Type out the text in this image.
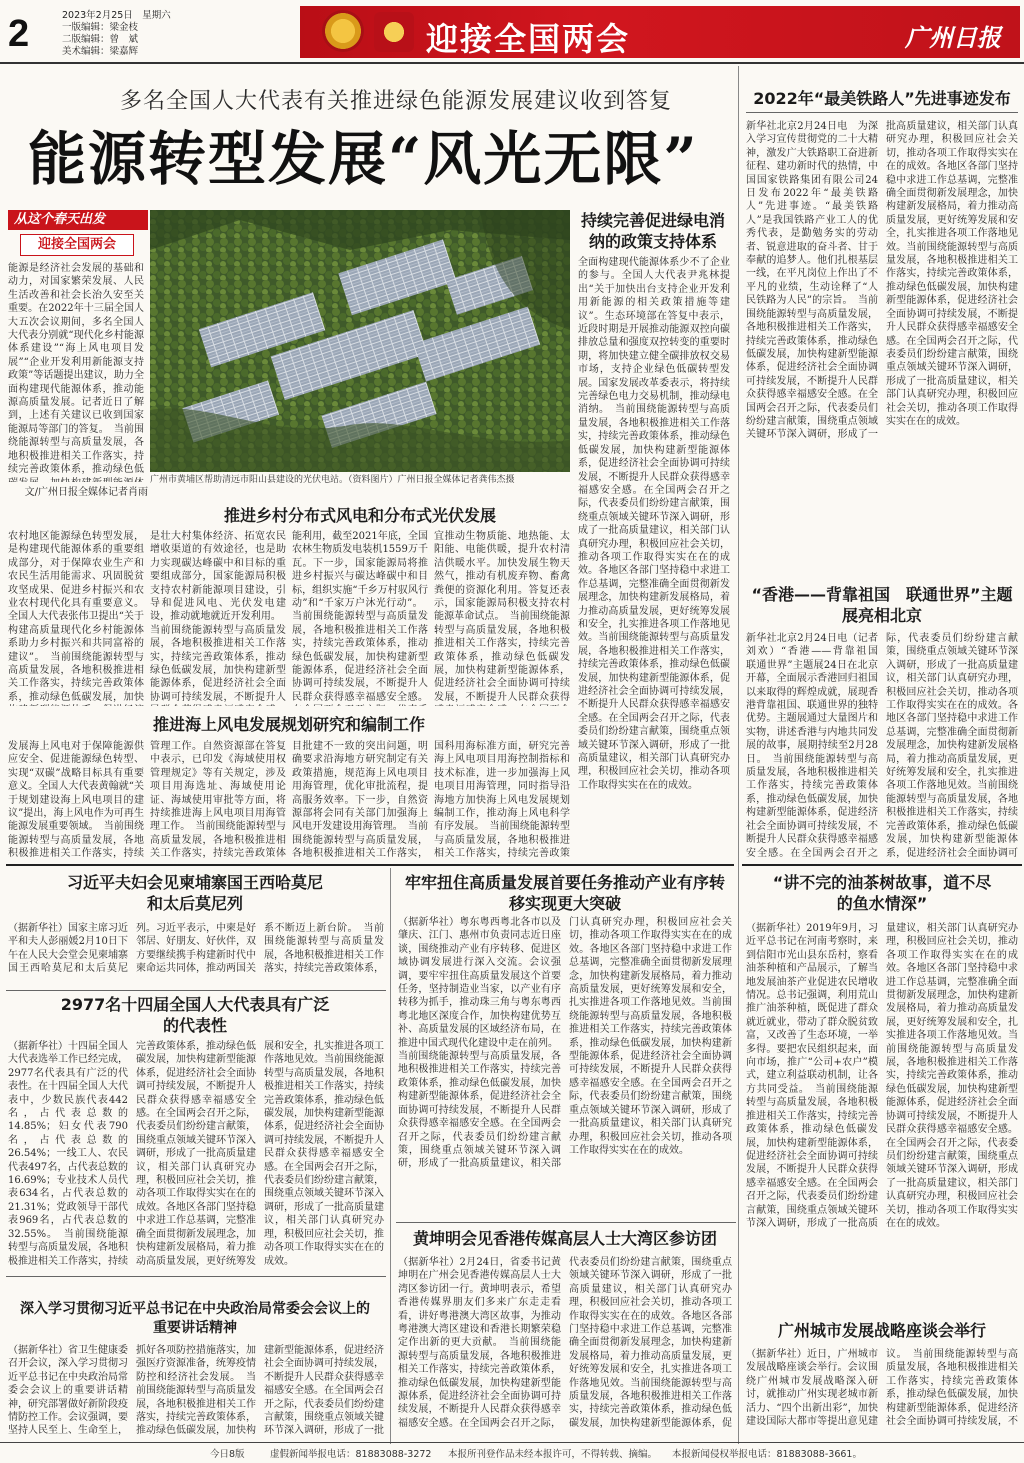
2	2023年2月25日　星期六
一版编辑：梁金枝
二版编辑：曾　斌
美术编辑：梁嘉辉	迎接全国两会	广州日报
多名全国人大代表有关推进绿色能源发展建议收到答复
能源转型发展“风光无限”
从这个春天出发
迎接全国两会
能源是经济社会发展的基础和动力，对国家繁荣发展、人民生活改善和社会长治久安至关重要。在2022年十三届全国人大五次会议期间，多名全国人大代表分别就“现代化乡村能源体系建设”“海上风电项目发展”“企业开发利用新能源支持政策”等话题提出建议，助力全面构建现代能源体系，推动能源高质量发展。记者近日了解到，上述有关建议已收到国家能源局等部门的答复。　当前围绕能源转型与高质量发展，各地积极推进相关工作落实，持续完善政策体系，推动绿色低碳发展，加快构建新型能源体系，促进经济社会全面协调可持续发展，不断提升人民群众获得感幸福感安全感。在全国两会召开之际，代表委员们纷纷建言献策，围绕重点领域关键环节深入调研，形成了一批高质量建议，相关部门认真研究办理，积极回应社会关切，推动各项工作取得实实在在的成效。各地区各部门坚持稳中求进工作总基调，完整准确全面贯彻新发展理念，加快构建新发展格局，着力推动高质量发展，更好统筹发展和安全，扎实推进各项工作落地见效。当前围绕能源转型与高质量发展，各地积极推进相关工作落实，持续完善政策体系，推动绿色低碳发展，加快构建新型能源体系，促进经济社会全面协调可持续发展，不断提升人民群众获得感幸福感安全感。在全国两会召开之际，代表委员们纷纷建言献策，围绕重点领域关键环节深入调研，形成了一批高质量建议，相关部门认真研究办理，积极回应社会关切，推动各项工作取得实实在在的成效。
文/广州日报全媒体记者肖雨
广州市黄埔区帮助清远市阳山县建设的光伏电站。（资料图片）广州日报全媒体记者龚伟杰摄
持续完善促进绿电消纳的政策支持体系
全面构建现代能源体系少不了企业的参与。全国人大代表尹兆林提出“关于加快出台支持企业开发利用新能源的相关政策措施等建议”。生态环境部在答复中表示，近段时期是开展推动能源双控向碳排放总量和强度双控转变的重要时期，将加快建立健全碳排放权交易市场，支持企业绿色低碳转型发展。国家发展改革委表示，将持续完善绿色电力交易机制，推动绿电消纳。　当前围绕能源转型与高质量发展，各地积极推进相关工作落实，持续完善政策体系，推动绿色低碳发展，加快构建新型能源体系，促进经济社会全面协调可持续发展，不断提升人民群众获得感幸福感安全感。在全国两会召开之际，代表委员们纷纷建言献策，围绕重点领域关键环节深入调研，形成了一批高质量建议，相关部门认真研究办理，积极回应社会关切，推动各项工作取得实实在在的成效。各地区各部门坚持稳中求进工作总基调，完整准确全面贯彻新发展理念，加快构建新发展格局，着力推动高质量发展，更好统筹发展和安全，扎实推进各项工作落地见效。当前围绕能源转型与高质量发展，各地积极推进相关工作落实，持续完善政策体系，推动绿色低碳发展，加快构建新型能源体系，促进经济社会全面协调可持续发展，不断提升人民群众获得感幸福感安全感。在全国两会召开之际，代表委员们纷纷建言献策，围绕重点领域关键环节深入调研，形成了一批高质量建议，相关部门认真研究办理，积极回应社会关切，推动各项工作取得实实在在的成效。
推进乡村分布式风电和分布式光伏发展
农村地区能源绿色转型发展，是构建现代能源体系的重要组成部分，对于保障农业生产和农民生活用能需求、巩固脱贫攻坚成果、促进乡村振兴和农业农村现代化具有重要意义。全国人大代表张伟卫提出“关于构建高质量现代化乡村能源体系助力乡村振兴和共同富裕的建议”。　当前围绕能源转型与高质量发展，各地积极推进相关工作落实，持续完善政策体系，推动绿色低碳发展，加快构建新型能源体系，促进经济社会全面协调可持续发展，不断提升人民群众获得感幸福感安全感。在全国两会召开之际，代表委员们纷纷建言献策，围绕重点领域关键环节深入调研，形成了一批高质量建议，相关部门认真研究办理，积极回应社会关切，推动各项工作取得实实在在的成效。各地区各部门坚持稳中求进工作总基调，完整准确全面贯彻新发展理念，加快构建新发展格局，着力推动高质量发展，更好统筹发展和安全，扎实推进各项工作落地见效。当前围绕能源转型与高质量发展，各地积极推进相关工作落实，持续完善政策体系，推动绿色低碳发展，加快构建新型能源体系，促进经济社会全面协调可持续发展，不断提升人民群众获得感幸福感安全感。在全国两会召开之际，代表委员们纷纷建言献策，围绕重点领域关键环节深入调研，形成了一批高质量建议，相关部门认真研究办理，积极回应社会关切，推动各项工作取得实实在在的成效。
是壮大村集体经济、拓宽农民增收渠道的有效途径，也是助力实现碳达峰碳中和目标的重要组成部分，国家能源局积极支持农村新能源项目建设，引导和促进风电、光伏发电建设，推动就地就近开发利用。　当前围绕能源转型与高质量发展，各地积极推进相关工作落实，持续完善政策体系，推动绿色低碳发展，加快构建新型能源体系，促进经济社会全面协调可持续发展，不断提升人民群众获得感幸福感安全感。在全国两会召开之际，代表委员们纷纷建言献策，围绕重点领域关键环节深入调研，形成了一批高质量建议，相关部门认真研究办理，积极回应社会关切，推动各项工作取得实实在在的成效。各地区各部门坚持稳中求进工作总基调，完整准确全面贯彻新发展理念，加快构建新发展格局，着力推动高质量发展，更好统筹发展和安全，扎实推进各项工作落地见效。当前围绕能源转型与高质量发展，各地积极推进相关工作落实，持续完善政策体系，推动绿色低碳发展，加快构建新型能源体系，促进经济社会全面协调可持续发展，不断提升人民群众获得感幸福感安全感。在全国两会召开之际，代表委员们纷纷建言献策，围绕重点领域关键环节深入调研，形成了一批高质量建议，相关部门认真研究办理，积极回应社会关切，推动各项工作取得实实在在的成效。
能利用，截至2021年底，全国农林生物质发电装机1559万千瓦。下一步，国家能源局将推进乡村振兴与碳达峰碳中和目标，组织实施“千乡万村驭风行动”和“千家万户沐光行动”。　当前围绕能源转型与高质量发展，各地积极推进相关工作落实，持续完善政策体系，推动绿色低碳发展，加快构建新型能源体系，促进经济社会全面协调可持续发展，不断提升人民群众获得感幸福感安全感。在全国两会召开之际，代表委员们纷纷建言献策，围绕重点领域关键环节深入调研，形成了一批高质量建议，相关部门认真研究办理，积极回应社会关切，推动各项工作取得实实在在的成效。各地区各部门坚持稳中求进工作总基调，完整准确全面贯彻新发展理念，加快构建新发展格局，着力推动高质量发展，更好统筹发展和安全，扎实推进各项工作落地见效。当前围绕能源转型与高质量发展，各地积极推进相关工作落实，持续完善政策体系，推动绿色低碳发展，加快构建新型能源体系，促进经济社会全面协调可持续发展，不断提升人民群众获得感幸福感安全感。在全国两会召开之际，代表委员们纷纷建言献策，围绕重点领域关键环节深入调研，形成了一批高质量建议，相关部门认真研究办理，积极回应社会关切，推动各项工作取得实实在在的成效。
宜推动生物质能、地热能、太阳能、电能供暖，提升农村清洁供暖水平。加快发展生物天然气，推动有机废弃物、畜禽粪便的资源化利用。答复还表示，国家能源局积极支持农村能源革命试点。　当前围绕能源转型与高质量发展，各地积极推进相关工作落实，持续完善政策体系，推动绿色低碳发展，加快构建新型能源体系，促进经济社会全面协调可持续发展，不断提升人民群众获得感幸福感安全感。在全国两会召开之际，代表委员们纷纷建言献策，围绕重点领域关键环节深入调研，形成了一批高质量建议，相关部门认真研究办理，积极回应社会关切，推动各项工作取得实实在在的成效。各地区各部门坚持稳中求进工作总基调，完整准确全面贯彻新发展理念，加快构建新发展格局，着力推动高质量发展，更好统筹发展和安全，扎实推进各项工作落地见效。当前围绕能源转型与高质量发展，各地积极推进相关工作落实，持续完善政策体系，推动绿色低碳发展，加快构建新型能源体系，促进经济社会全面协调可持续发展，不断提升人民群众获得感幸福感安全感。在全国两会召开之际，代表委员们纷纷建言献策，围绕重点领域关键环节深入调研，形成了一批高质量建议，相关部门认真研究办理，积极回应社会关切，推动各项工作取得实实在在的成效。
推进海上风电发展规划研究和编制工作
发展海上风电对于保障能源供应安全、促进能源绿色转型、实现“双碳”战略目标具有重要意义。全国人大代表黄翰就“关于规划建设海上风电项目的建议”提出，海上风电作为可再生能源发展重要领域。　当前围绕能源转型与高质量发展，各地积极推进相关工作落实，持续完善政策体系，推动绿色低碳发展，加快构建新型能源体系，促进经济社会全面协调可持续发展，不断提升人民群众获得感幸福感安全感。在全国两会召开之际，代表委员们纷纷建言献策，围绕重点领域关键环节深入调研，形成了一批高质量建议，相关部门认真研究办理，积极回应社会关切，推动各项工作取得实实在在的成效。各地区各部门坚持稳中求进工作总基调，完整准确全面贯彻新发展理念，加快构建新发展格局，着力推动高质量发展，更好统筹发展和安全，扎实推进各项工作落地见效。当前围绕能源转型与高质量发展，各地积极推进相关工作落实，持续完善政策体系，推动绿色低碳发展，加快构建新型能源体系，促进经济社会全面协调可持续发展，不断提升人民群众获得感幸福感安全感。在全国两会召开之际，代表委员们纷纷建言献策，围绕重点领域关键环节深入调研，形成了一批高质量建议，相关部门认真研究办理，积极回应社会关切，推动各项工作取得实实在在的成效。
管理工作。自然资源部在答复中表示，已印发《海域使用权管理规定》等有关规定，涉及项目用海选址、海域使用论证、海域使用审批等方面，将持续推进海上风电项目用海管理工作。　当前围绕能源转型与高质量发展，各地积极推进相关工作落实，持续完善政策体系，推动绿色低碳发展，加快构建新型能源体系，促进经济社会全面协调可持续发展，不断提升人民群众获得感幸福感安全感。在全国两会召开之际，代表委员们纷纷建言献策，围绕重点领域关键环节深入调研，形成了一批高质量建议，相关部门认真研究办理，积极回应社会关切，推动各项工作取得实实在在的成效。各地区各部门坚持稳中求进工作总基调，完整准确全面贯彻新发展理念，加快构建新发展格局，着力推动高质量发展，更好统筹发展和安全，扎实推进各项工作落地见效。当前围绕能源转型与高质量发展，各地积极推进相关工作落实，持续完善政策体系，推动绿色低碳发展，加快构建新型能源体系，促进经济社会全面协调可持续发展，不断提升人民群众获得感幸福感安全感。在全国两会召开之际，代表委员们纷纷建言献策，围绕重点领域关键环节深入调研，形成了一批高质量建议，相关部门认真研究办理，积极回应社会关切，推动各项工作取得实实在在的成效。
目批建不一致的突出问题，明确要求沿海地方研究制定有关政策措施，规范海上风电项目用海管理，优化审批流程，提高服务效率。下一步，自然资源部将会同有关部门加强海上风电开发建设用海管理。　当前围绕能源转型与高质量发展，各地积极推进相关工作落实，持续完善政策体系，推动绿色低碳发展，加快构建新型能源体系，促进经济社会全面协调可持续发展，不断提升人民群众获得感幸福感安全感。在全国两会召开之际，代表委员们纷纷建言献策，围绕重点领域关键环节深入调研，形成了一批高质量建议，相关部门认真研究办理，积极回应社会关切，推动各项工作取得实实在在的成效。各地区各部门坚持稳中求进工作总基调，完整准确全面贯彻新发展理念，加快构建新发展格局，着力推动高质量发展，更好统筹发展和安全，扎实推进各项工作落地见效。当前围绕能源转型与高质量发展，各地积极推进相关工作落实，持续完善政策体系，推动绿色低碳发展，加快构建新型能源体系，促进经济社会全面协调可持续发展，不断提升人民群众获得感幸福感安全感。在全国两会召开之际，代表委员们纷纷建言献策，围绕重点领域关键环节深入调研，形成了一批高质量建议，相关部门认真研究办理，积极回应社会关切，推动各项工作取得实实在在的成效。
国科用海标准方面，研究完善海上风电项目用海控制指标和技术标准，进一步加强海上风电项目用海管理，同时指导沿海地方加快海上风电发展规划编制工作，推动海上风电科学有序发展。　当前围绕能源转型与高质量发展，各地积极推进相关工作落实，持续完善政策体系，推动绿色低碳发展，加快构建新型能源体系，促进经济社会全面协调可持续发展，不断提升人民群众获得感幸福感安全感。在全国两会召开之际，代表委员们纷纷建言献策，围绕重点领域关键环节深入调研，形成了一批高质量建议，相关部门认真研究办理，积极回应社会关切，推动各项工作取得实实在在的成效。各地区各部门坚持稳中求进工作总基调，完整准确全面贯彻新发展理念，加快构建新发展格局，着力推动高质量发展，更好统筹发展和安全，扎实推进各项工作落地见效。当前围绕能源转型与高质量发展，各地积极推进相关工作落实，持续完善政策体系，推动绿色低碳发展，加快构建新型能源体系，促进经济社会全面协调可持续发展，不断提升人民群众获得感幸福感安全感。在全国两会召开之际，代表委员们纷纷建言献策，围绕重点领域关键环节深入调研，形成了一批高质量建议，相关部门认真研究办理，积极回应社会关切，推动各项工作取得实实在在的成效。
2022年“最美铁路人”先进事迹发布
新华社北京2月24日电　为深入学习宣传贯彻党的二十大精神，激发广大铁路职工奋进新征程、建功新时代的热情，中国国家铁路集团有限公司24日发布2022年“最美铁路人”先进事迹。“最美铁路人”是我国铁路产业工人的优秀代表，是勤勉务实的劳动者、锐意进取的奋斗者、甘于奉献的追梦人。他们扎根基层一线，在平凡岗位上作出了不平凡的业绩，生动诠释了“人民铁路为人民”的宗旨。　当前围绕能源转型与高质量发展，各地积极推进相关工作落实，持续完善政策体系，推动绿色低碳发展，加快构建新型能源体系，促进经济社会全面协调可持续发展，不断提升人民群众获得感幸福感安全感。在全国两会召开之际，代表委员们纷纷建言献策，围绕重点领域关键环节深入调研，形成了一批高质量建议，相关部门认真研究办理，积极回应社会关切，推动各项工作取得实实在在的成效。各地区各部门坚持稳中求进工作总基调，完整准确全面贯彻新发展理念，加快构建新发展格局，着力推动高质量发展，更好统筹发展和安全，扎实推进各项工作落地见效。当前围绕能源转型与高质量发展，各地积极推进相关工作落实，持续完善政策体系，推动绿色低碳发展，加快构建新型能源体系，促进经济社会全面协调可持续发展，不断提升人民群众获得感幸福感安全感。在全国两会召开之际，代表委员们纷纷建言献策，围绕重点领域关键环节深入调研，形成了一批高质量建议，相关部门认真研究办理，积极回应社会关切，推动各项工作取得实实在在的成效。
“香港——背靠祖国　联通世界”主题展亮相北京
新华社北京2月24日电（记者刘欢）“香港——背靠祖国　联通世界”主题展24日在北京开幕，全面展示香港回归祖国以来取得的辉煌成就，展现香港背靠祖国、联通世界的独特优势。主题展通过大量图片和实物，讲述香港与内地共同发展的故事，展期持续至2月28日。　当前围绕能源转型与高质量发展，各地积极推进相关工作落实，持续完善政策体系，推动绿色低碳发展，加快构建新型能源体系，促进经济社会全面协调可持续发展，不断提升人民群众获得感幸福感安全感。在全国两会召开之际，代表委员们纷纷建言献策，围绕重点领域关键环节深入调研，形成了一批高质量建议，相关部门认真研究办理，积极回应社会关切，推动各项工作取得实实在在的成效。各地区各部门坚持稳中求进工作总基调，完整准确全面贯彻新发展理念，加快构建新发展格局，着力推动高质量发展，更好统筹发展和安全，扎实推进各项工作落地见效。当前围绕能源转型与高质量发展，各地积极推进相关工作落实，持续完善政策体系，推动绿色低碳发展，加快构建新型能源体系，促进经济社会全面协调可持续发展，不断提升人民群众获得感幸福感安全感。在全国两会召开之际，代表委员们纷纷建言献策，围绕重点领域关键环节深入调研，形成了一批高质量建议，相关部门认真研究办理，积极回应社会关切，推动各项工作取得实实在在的成效。
“讲不完的油茶树故事，道不尽的鱼水情深”
（据新华社）2019年9月，习近平总书记在河南考察时，来到信阳市光山县东岳村，察看油茶种植和产品展示，了解当地发展油茶产业促进农民增收情况。总书记强调，利用荒山推广油茶种植，既促进了群众就近就业，带动了群众脱贫致富，又改善了生态环境，一举多得。要把农民组织起来，面向市场，推广“公司+农户”模式，建立利益联动机制，让各方共同受益。　当前围绕能源转型与高质量发展，各地积极推进相关工作落实，持续完善政策体系，推动绿色低碳发展，加快构建新型能源体系，促进经济社会全面协调可持续发展，不断提升人民群众获得感幸福感安全感。在全国两会召开之际，代表委员们纷纷建言献策，围绕重点领域关键环节深入调研，形成了一批高质量建议，相关部门认真研究办理，积极回应社会关切，推动各项工作取得实实在在的成效。各地区各部门坚持稳中求进工作总基调，完整准确全面贯彻新发展理念，加快构建新发展格局，着力推动高质量发展，更好统筹发展和安全，扎实推进各项工作落地见效。当前围绕能源转型与高质量发展，各地积极推进相关工作落实，持续完善政策体系，推动绿色低碳发展，加快构建新型能源体系，促进经济社会全面协调可持续发展，不断提升人民群众获得感幸福感安全感。在全国两会召开之际，代表委员们纷纷建言献策，围绕重点领域关键环节深入调研，形成了一批高质量建议，相关部门认真研究办理，积极回应社会关切，推动各项工作取得实实在在的成效。
广州城市发展战略座谈会举行
（据新华社）近日，广州城市发展战略座谈会举行。会议围绕广州城市发展战略深入研讨，就推动广州实现老城市新活力、“四个出新出彩”，加快建设国际大都市等提出意见建议。　当前围绕能源转型与高质量发展，各地积极推进相关工作落实，持续完善政策体系，推动绿色低碳发展，加快构建新型能源体系，促进经济社会全面协调可持续发展，不断提升人民群众获得感幸福感安全感。在全国两会召开之际，代表委员们纷纷建言献策，围绕重点领域关键环节深入调研，形成了一批高质量建议，相关部门认真研究办理，积极回应社会关切，推动各项工作取得实实在在的成效。各地区各部门坚持稳中求进工作总基调，完整准确全面贯彻新发展理念，加快构建新发展格局，着力推动高质量发展，更好统筹发展和安全，扎实推进各项工作落地见效。当前围绕能源转型与高质量发展，各地积极推进相关工作落实，持续完善政策体系，推动绿色低碳发展，加快构建新型能源体系，促进经济社会全面协调可持续发展，不断提升人民群众获得感幸福感安全感。在全国两会召开之际，代表委员们纷纷建言献策，围绕重点领域关键环节深入调研，形成了一批高质量建议，相关部门认真研究办理，积极回应社会关切，推动各项工作取得实实在在的成效。
习近平夫妇会见柬埔寨国王西哈莫尼和太后莫尼列
（据新华社）国家主席习近平和夫人彭丽媛2月10日下午在人民大会堂会见柬埔寨国王西哈莫尼和太后莫尼列。习近平表示，中柬是好邻居、好朋友、好伙伴，双方要继续携手构建新时代中柬命运共同体，推动两国关系不断迈上新台阶。　当前围绕能源转型与高质量发展，各地积极推进相关工作落实，持续完善政策体系，推动绿色低碳发展，加快构建新型能源体系，促进经济社会全面协调可持续发展，不断提升人民群众获得感幸福感安全感。在全国两会召开之际，代表委员们纷纷建言献策，围绕重点领域关键环节深入调研，形成了一批高质量建议，相关部门认真研究办理，积极回应社会关切，推动各项工作取得实实在在的成效。各地区各部门坚持稳中求进工作总基调，完整准确全面贯彻新发展理念，加快构建新发展格局，着力推动高质量发展，更好统筹发展和安全，扎实推进各项工作落地见效。当前围绕能源转型与高质量发展，各地积极推进相关工作落实，持续完善政策体系，推动绿色低碳发展，加快构建新型能源体系，促进经济社会全面协调可持续发展，不断提升人民群众获得感幸福感安全感。在全国两会召开之际，代表委员们纷纷建言献策，围绕重点领域关键环节深入调研，形成了一批高质量建议，相关部门认真研究办理，积极回应社会关切，推动各项工作取得实实在在的成效。
2977名十四届全国人大代表具有广泛的代表性
（据新华社）十四届全国人大代表选举工作已经完成，2977名代表具有广泛的代表性。在十四届全国人大代表中，少数民族代表442名，占代表总数的14.85%；妇女代表790名，占代表总数的26.54%；一线工人、农民代表497名，占代表总数的16.69%；专业技术人员代表634名，占代表总数的21.31%；党政领导干部代表969名，占代表总数的32.55%。　当前围绕能源转型与高质量发展，各地积极推进相关工作落实，持续完善政策体系，推动绿色低碳发展，加快构建新型能源体系，促进经济社会全面协调可持续发展，不断提升人民群众获得感幸福感安全感。在全国两会召开之际，代表委员们纷纷建言献策，围绕重点领域关键环节深入调研，形成了一批高质量建议，相关部门认真研究办理，积极回应社会关切，推动各项工作取得实实在在的成效。各地区各部门坚持稳中求进工作总基调，完整准确全面贯彻新发展理念，加快构建新发展格局，着力推动高质量发展，更好统筹发展和安全，扎实推进各项工作落地见效。当前围绕能源转型与高质量发展，各地积极推进相关工作落实，持续完善政策体系，推动绿色低碳发展，加快构建新型能源体系，促进经济社会全面协调可持续发展，不断提升人民群众获得感幸福感安全感。在全国两会召开之际，代表委员们纷纷建言献策，围绕重点领域关键环节深入调研，形成了一批高质量建议，相关部门认真研究办理，积极回应社会关切，推动各项工作取得实实在在的成效。
深入学习贯彻习近平总书记在中央政治局常委会会议上的重要讲话精神
（据新华社）省卫生健康委召开会议，深入学习贯彻习近平总书记在中央政治局常委会会议上的重要讲话精神，研究部署做好新阶段疫情防控工作。会议强调，要坚持人民至上、生命至上，抓好各项防控措施落实，加强医疗资源准备，统筹疫情防控和经济社会发展。　当前围绕能源转型与高质量发展，各地积极推进相关工作落实，持续完善政策体系，推动绿色低碳发展，加快构建新型能源体系，促进经济社会全面协调可持续发展，不断提升人民群众获得感幸福感安全感。在全国两会召开之际，代表委员们纷纷建言献策，围绕重点领域关键环节深入调研，形成了一批高质量建议，相关部门认真研究办理，积极回应社会关切，推动各项工作取得实实在在的成效。各地区各部门坚持稳中求进工作总基调，完整准确全面贯彻新发展理念，加快构建新发展格局，着力推动高质量发展，更好统筹发展和安全，扎实推进各项工作落地见效。当前围绕能源转型与高质量发展，各地积极推进相关工作落实，持续完善政策体系，推动绿色低碳发展，加快构建新型能源体系，促进经济社会全面协调可持续发展，不断提升人民群众获得感幸福感安全感。在全国两会召开之际，代表委员们纷纷建言献策，围绕重点领域关键环节深入调研，形成了一批高质量建议，相关部门认真研究办理，积极回应社会关切，推动各项工作取得实实在在的成效。
牢牢扭住高质量发展首要任务推动产业有序转移实现更大突破
（据新华社）粤东粤西粤北各市以及肇庆、江门、惠州市负责同志近日座谈，围绕推动产业有序转移、促进区域协调发展进行深入交流。会议强调，要牢牢扭住高质量发展这个首要任务，坚持制造业当家，以产业有序转移为抓手，推动珠三角与粤东粤西粤北地区深度合作，加快构建优势互补、高质量发展的区域经济布局，在推进中国式现代化建设中走在前列。　当前围绕能源转型与高质量发展，各地积极推进相关工作落实，持续完善政策体系，推动绿色低碳发展，加快构建新型能源体系，促进经济社会全面协调可持续发展，不断提升人民群众获得感幸福感安全感。在全国两会召开之际，代表委员们纷纷建言献策，围绕重点领域关键环节深入调研，形成了一批高质量建议，相关部门认真研究办理，积极回应社会关切，推动各项工作取得实实在在的成效。各地区各部门坚持稳中求进工作总基调，完整准确全面贯彻新发展理念，加快构建新发展格局，着力推动高质量发展，更好统筹发展和安全，扎实推进各项工作落地见效。当前围绕能源转型与高质量发展，各地积极推进相关工作落实，持续完善政策体系，推动绿色低碳发展，加快构建新型能源体系，促进经济社会全面协调可持续发展，不断提升人民群众获得感幸福感安全感。在全国两会召开之际，代表委员们纷纷建言献策，围绕重点领域关键环节深入调研，形成了一批高质量建议，相关部门认真研究办理，积极回应社会关切，推动各项工作取得实实在在的成效。
黄坤明会见香港传媒高层人士大湾区参访团
（据新华社）2月24日，省委书记黄坤明在广州会见香港传媒高层人士大湾区参访团一行。黄坤明表示，希望香港传媒界朋友们多来广东走走看看，讲好粤港澳大湾区故事，为推动粤港澳大湾区建设和香港长期繁荣稳定作出新的更大贡献。　当前围绕能源转型与高质量发展，各地积极推进相关工作落实，持续完善政策体系，推动绿色低碳发展，加快构建新型能源体系，促进经济社会全面协调可持续发展，不断提升人民群众获得感幸福感安全感。在全国两会召开之际，代表委员们纷纷建言献策，围绕重点领域关键环节深入调研，形成了一批高质量建议，相关部门认真研究办理，积极回应社会关切，推动各项工作取得实实在在的成效。各地区各部门坚持稳中求进工作总基调，完整准确全面贯彻新发展理念，加快构建新发展格局，着力推动高质量发展，更好统筹发展和安全，扎实推进各项工作落地见效。当前围绕能源转型与高质量发展，各地积极推进相关工作落实，持续完善政策体系，推动绿色低碳发展，加快构建新型能源体系，促进经济社会全面协调可持续发展，不断提升人民群众获得感幸福感安全感。在全国两会召开之际，代表委员们纷纷建言献策，围绕重点领域关键环节深入调研，形成了一批高质量建议，相关部门认真研究办理，积极回应社会关切，推动各项工作取得实实在在的成效。
今日8版	虚假新闻举报电话：81883088-3272 本报所刊登作品未经本报许可，不得转载、摘编。 本报新闻侵权举报电话：81883088-3661。
